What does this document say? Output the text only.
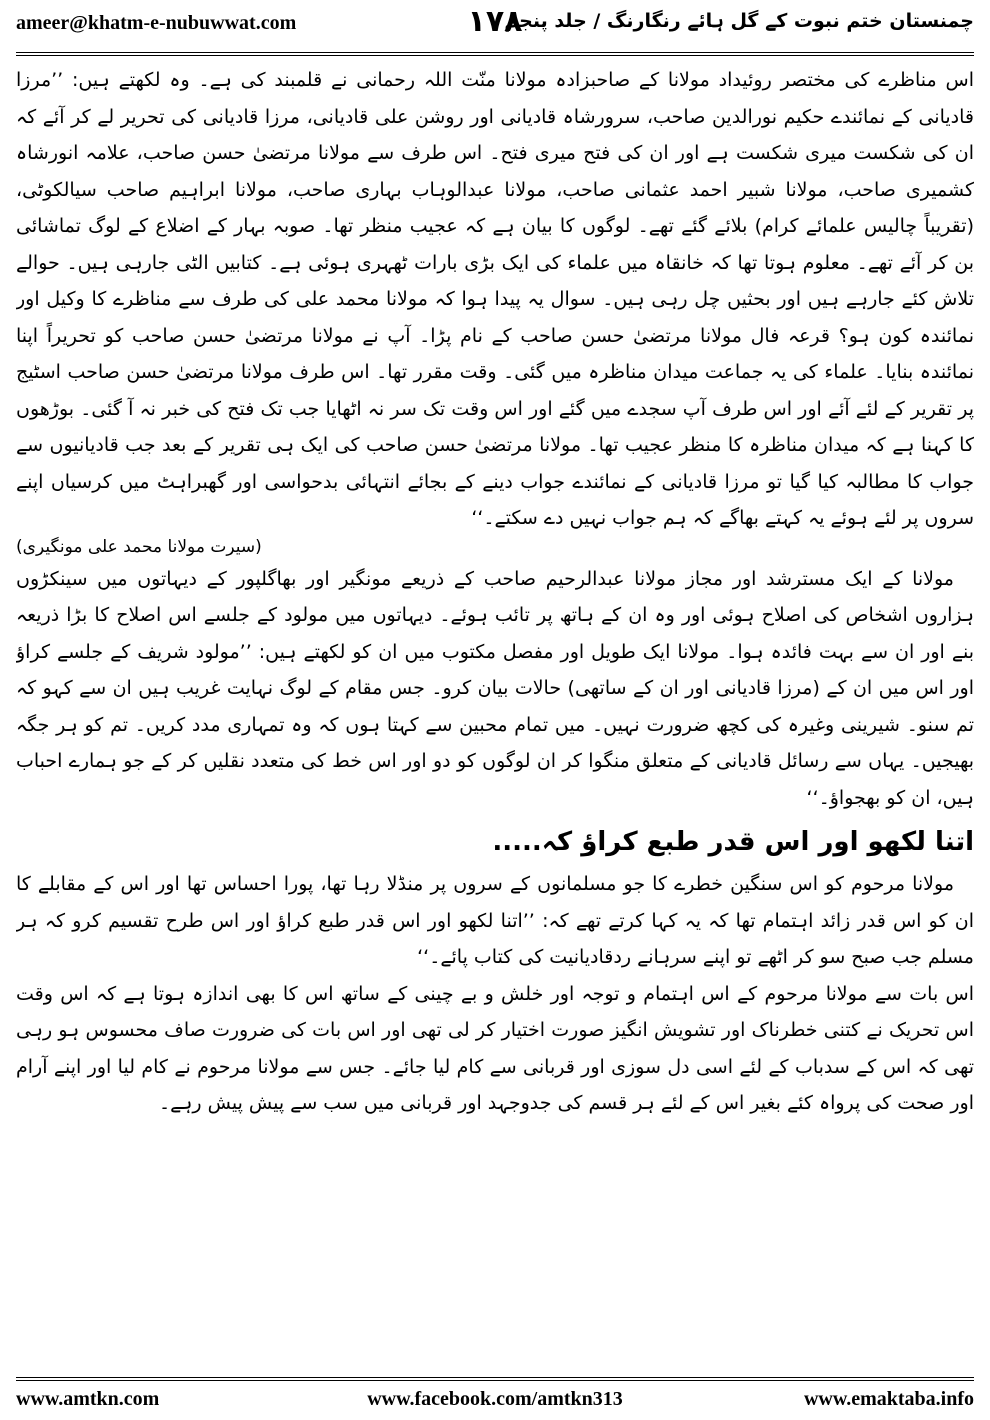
ameer@khatm-e-nubuwwat.com	۱۷۸
چمنستان ختم نبوت کے گل ہائے رنگارنگ / جلد پنجم

اس مناظرے کی مختصر روئیداد مولانا کے صاحبزادہ مولانا منّت اللہ رحمانی نے قلمبند کی ہے۔ وہ لکھتے ہیں: ’’مرزا قادیانی کے نمائندے حکیم نورالدین صاحب، سرورشاہ قادیانی اور روشن علی قادیانی، مرزا قادیانی کی تحریر لے کر آئے کہ ان کی شکست میری شکست ہے اور ان کی فتح میری فتح۔ اس طرف سے مولانا مرتضیٰ حسن صاحب، علامہ انورشاہ کشمیری صاحب، مولانا شبیر احمد عثمانی صاحب، مولانا عبدالوہاب بہاری صاحب، مولانا ابراہیم صاحب سیالکوٹی، (تقریباً چالیس علمائے کرام) بلائے گئے تھے۔ لوگوں کا بیان ہے کہ عجیب منظر تھا۔ صوبہ بہار کے اضلاع کے لوگ تماشائی بن کر آئے تھے۔ معلوم ہوتا تھا کہ خانقاہ میں علماء کی ایک بڑی بارات ٹھہری ہوئی ہے۔ کتابیں الٹی جارہی ہیں۔ حوالے تلاش کئے جارہے ہیں اور بحثیں چل رہی ہیں۔ سوال یہ پیدا ہوا کہ مولانا محمد علی کی طرف سے مناظرے کا وکیل اور نمائندہ کون ہو؟ قرعہ فال مولانا مرتضیٰ حسن صاحب کے نام پڑا۔ آپ نے مولانا مرتضیٰ حسن صاحب کو تحریراً اپنا نمائندہ بنایا۔ علماء کی یہ جماعت میدان مناظرہ میں گئی۔ وقت مقرر تھا۔ اس طرف مولانا مرتضیٰ حسن صاحب اسٹیج پر تقریر کے لئے آئے اور اس طرف آپ سجدے میں گئے اور اس وقت تک سر نہ اٹھایا جب تک فتح کی خبر نہ آ گئی۔ بوڑھوں کا کہنا ہے کہ میدان مناظرہ کا منظر عجیب تھا۔ مولانا مرتضیٰ حسن صاحب کی ایک ہی تقریر کے بعد جب قادیانیوں سے جواب کا مطالبہ کیا گیا تو مرزا قادیانی کے نمائندے جواب دینے کے بجائے انتہائی بدحواسی اور گھبراہٹ میں کرسیاں اپنے سروں پر لئے ہوئے یہ کہتے بھاگے کہ ہم جواب نہیں دے سکتے۔‘‘

(سیرت مولانا محمد علی مونگیری)

مولانا کے ایک مسترشد اور مجاز مولانا عبدالرحیم صاحب کے ذریعے مونگیر اور بھاگلپور کے دیہاتوں میں سینکڑوں ہزاروں اشخاص کی اصلاح ہوئی اور وہ ان کے ہاتھ پر تائب ہوئے۔ دیہاتوں میں مولود کے جلسے اس اصلاح کا بڑا ذریعہ بنے اور ان سے بہت فائدہ ہوا۔ مولانا ایک طویل اور مفصل مکتوب میں ان کو لکھتے ہیں: ’’مولود شریف کے جلسے کراؤ اور اس میں ان کے (مرزا قادیانی اور ان کے ساتھی) حالات بیان کرو۔ جس مقام کے لوگ نہایت غریب ہیں ان سے کہو کہ تم سنو۔ شیرینی وغیرہ کی کچھ ضرورت نہیں۔ میں تمام محبین سے کہتا ہوں کہ وہ تمہاری مدد کریں۔ تم کو ہر جگہ بھیجیں۔ یہاں سے رسائل قادیانی کے متعلق منگوا کر ان لوگوں کو دو اور اس خط کی متعدد نقلیں کر کے جو ہمارے احباب ہیں، ان کو بھجواؤ۔‘‘

اتنا لکھو اور اس قدر طبع کراؤ کہ.....

مولانا مرحوم کو اس سنگین خطرے کا جو مسلمانوں کے سروں پر منڈلا رہا تھا، پورا احساس تھا اور اس کے مقابلے کا ان کو اس قدر زائد اہتمام تھا کہ یہ کہا کرتے تھے کہ: ’’اتنا لکھو اور اس قدر طبع کراؤ اور اس طرح تقسیم کرو کہ ہر مسلم جب صبح سو کر اٹھے تو اپنے سرہانے ردقادیانیت کی کتاب پائے۔‘‘

اس بات سے مولانا مرحوم کے اس اہتمام و توجہ اور خلش و بے چینی کے ساتھ اس کا بھی اندازہ ہوتا ہے کہ اس وقت اس تحریک نے کتنی خطرناک اور تشویش انگیز صورت اختیار کر لی تھی اور اس بات کی ضرورت صاف محسوس ہو رہی تھی کہ اس کے سدباب کے لئے اسی دل سوزی اور قربانی سے کام لیا جائے۔ جس سے مولانا مرحوم نے کام لیا اور اپنے آرام اور صحت کی پرواہ کئے بغیر اس کے لئے ہر قسم کی جدوجہد اور قربانی میں سب سے پیش پیش رہے۔

www.amtkn.com	www.facebook.com/amtkn313	www.emaktaba.info
